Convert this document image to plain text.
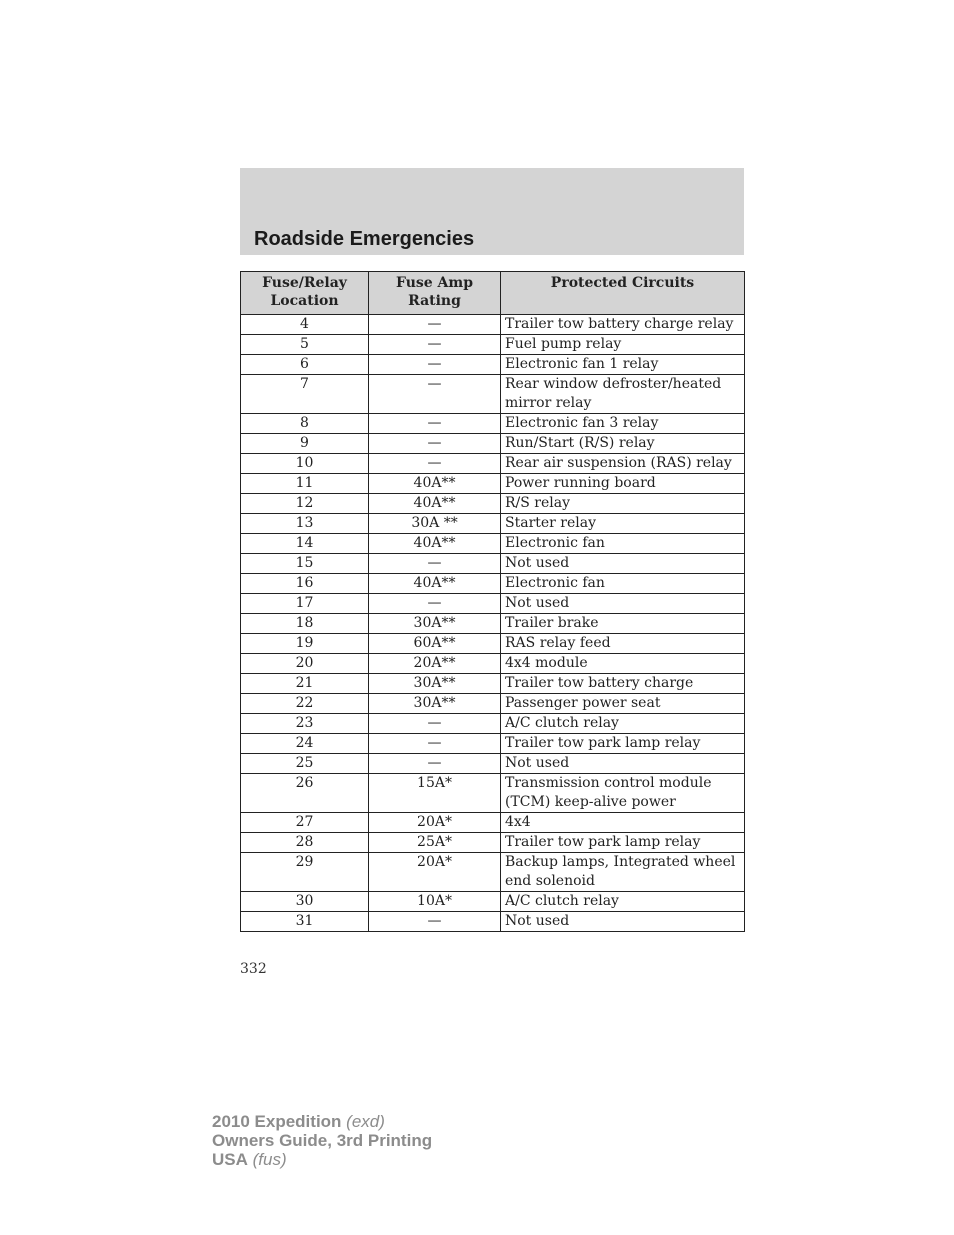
Roadside Emergencies
Fuse/Relay Location	Fuse Amp Rating	Protected Circuits
4	—	Trailer tow battery charge relay
5	—	Fuel pump relay
6	—	Electronic fan 1 relay
7	—	Rear window defroster/heated mirror relay
8	—	Electronic fan 3 relay
9	—	Run/Start (R/S) relay
10	—	Rear air suspension (RAS) relay
11	40A**	Power running board
12	40A**	R/S relay
13	30A **	Starter relay
14	40A**	Electronic fan
15	—	Not used
16	40A**	Electronic fan
17	—	Not used
18	30A**	Trailer brake
19	60A**	RAS relay feed
20	20A**	4x4 module
21	30A**	Trailer tow battery charge
22	30A**	Passenger power seat
23	—	A/C clutch relay
24	—	Trailer tow park lamp relay
25	—	Not used
26	15A*	Transmission control module (TCM) keep-alive power
27	20A*	4x4
28	25A*	Trailer tow park lamp relay
29	20A*	Backup lamps, Integrated wheel end solenoid
30	10A*	A/C clutch relay
31	—	Not used
332
2010 Expedition (exd)
Owners Guide, 3rd Printing
USA (fus)
